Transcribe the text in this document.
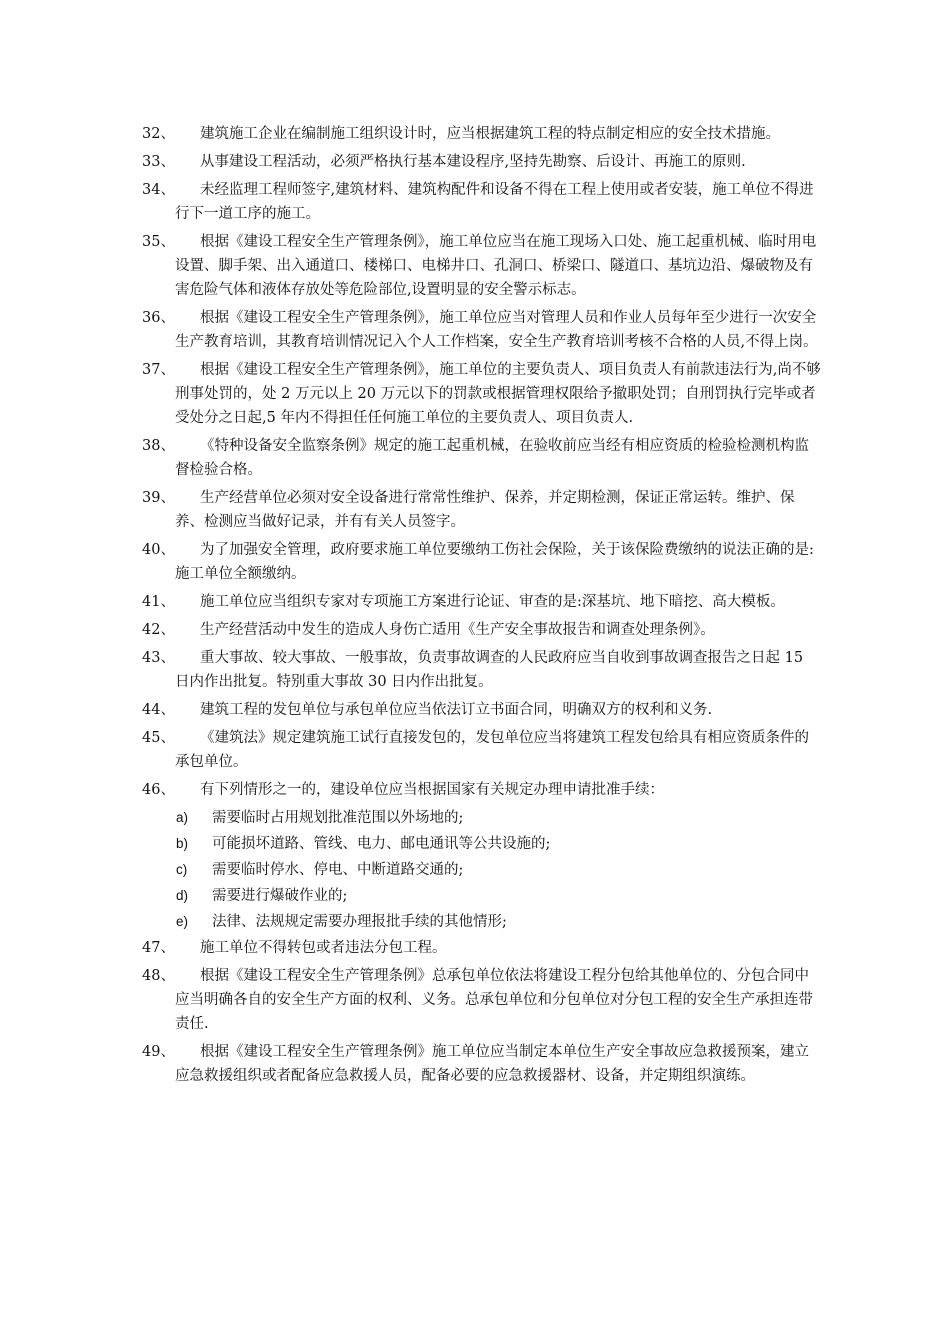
32、	建筑施工企业在编制施工组织设计时，应当根据建筑工程的特点制定相应的安全技术措施。
33、	从事建设工程活动，必须严格执行基本建设程序,坚持先勘察、后设计、再施工的原则.
34、	未经监理工程师签字,建筑材料、建筑构配件和设备不得在工程上使用或者安装，施工单位不得进行下一道工序的施工。
35、	根据《建设工程安全生产管理条例》，施工单位应当在施工现场入口处、施工起重机械、临时用电设置、脚手架、出入通道口、楼梯口、电梯井口、孔洞口、桥梁口、隧道口、基坑边沿、爆破物及有害危险气体和液体存放处等危险部位,设置明显的安全警示标志。
36、	根据《建设工程安全生产管理条例》，施工单位应当对管理人员和作业人员每年至少进行一次安全生产教育培训，其教育培训情况记入个人工作档案，安全生产教育培训考核不合格的人员,不得上岗。
37、	根据《建设工程安全生产管理条例》，施工单位的主要负责人、项目负责人有前款违法行为,尚不够刑事处罚的，处 2 万元以上 20 万元以下的罚款或根据管理权限给予撤职处罚；自刑罚执行完毕或者受处分之日起,5 年内不得担任任何施工单位的主要负责人、项目负责人.
38、	《特种设备安全监察条例》规定的施工起重机械，在验收前应当经有相应资质的检验检测机构监督检验合格。
39、	生产经营单位必须对安全设备进行常常性维护、保养，并定期检测，保证正常运转。维护、保养、检测应当做好记录，并有有关人员签字。
40、	为了加强安全管理，政府要求施工单位要缴纳工伤社会保险，关于该保险费缴纳的说法正确的是:施工单位全额缴纳。
41、	施工单位应当组织专家对专项施工方案进行论证、审查的是:深基坑、地下暗挖、高大模板。
42、	生产经营活动中发生的造成人身伤亡适用《生产安全事故报告和调查处理条例》。
43、	重大事故、较大事故、一般事故，负责事故调查的人民政府应当自收到事故调查报告之日起 15 日内作出批复。特别重大事故 30 日内作出批复。
44、	建筑工程的发包单位与承包单位应当依法订立书面合同，明确双方的权利和义务.
45、	《建筑法》规定建筑施工试行直接发包的，发包单位应当将建筑工程发包给具有相应资质条件的承包单位。
46、	有下列情形之一的，建设单位应当根据国家有关规定办理申请批准手续：
a) 需要临时占用规划批准范围以外场地的;
b) 可能损坏道路、管线、电力、邮电通讯等公共设施的;
c) 需要临时停水、停电、中断道路交通的;
d) 需要进行爆破作业的;
e) 法律、法规规定需要办理报批手续的其他情形;
47、	施工单位不得转包或者违法分包工程。
48、	根据《建设工程安全生产管理条例》总承包单位依法将建设工程分包给其他单位的、分包合同中应当明确各自的安全生产方面的权利、义务。总承包单位和分包单位对分包工程的安全生产承担连带责任.
49、	根据《建设工程安全生产管理条例》施工单位应当制定本单位生产安全事故应急救援预案，建立应急救援组织或者配备应急救援人员，配备必要的应急救援器材、设备，并定期组织演练。
